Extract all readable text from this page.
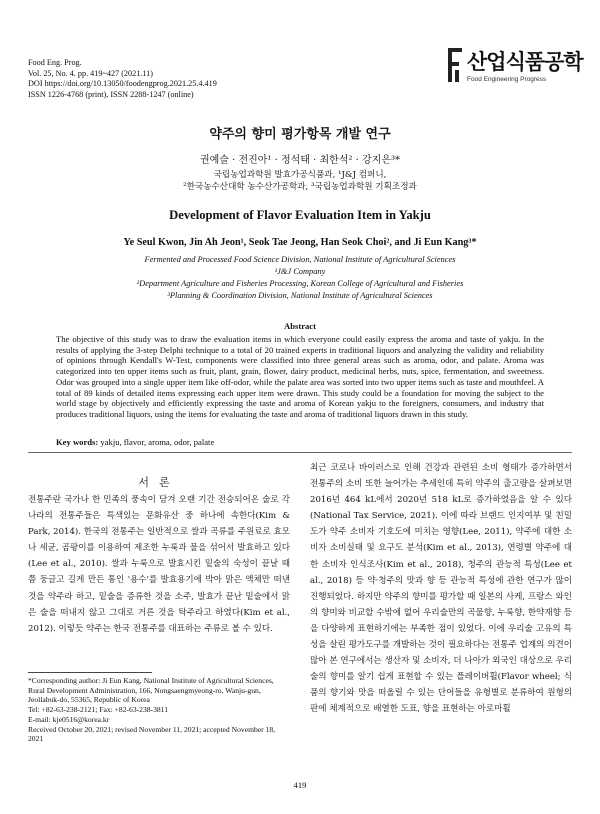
Food Eng. Prog.
Vol. 25, No. 4. pp. 419~427 (2021.11)
DOI https://doi.org/10.13050/foodengprog.2021.25.4.419
ISSN 1226-4768 (print), ISSN 2288-1247 (online)
산업식품공학
Food Engineering Progress
약주의 향미 평가항목 개발 연구
권예슬 · 전진아¹ · 정석태 · 최한석² · 강지은³*
국립농업과학원 발효가공식품과, ¹J&J 컴퍼니,
²한국농수산대학 농수산가공학과, ³국립농업과학원 기획조정과
Development of Flavor Evaluation Item in Yakju
Ye Seul Kwon, Jin Ah Jeon¹, Seok Tae Jeong, Han Seok Choi², and Ji Eun Kang³*
Fermented and Processed Food Science Division, National Institute of Agricultural Sciences
¹J&J Company
²Department Agriculture and Fisheries Processing, Korean College of Agricultural and Fisheries
³Planning & Coordination Division, National Institute of Agricultural Sciences
Abstract
The objective of this study was to draw the evaluation items in which everyone could easily express the aroma and taste of yakju. In the results of applying the 3-step Delphi technique to a total of 20 trained experts in traditional liquors and analyzing the validity and reliability of opinions through Kendall's W-Test, components were classified into three general areas such as aroma, odor, and palate. Aroma was categorized into ten upper items such as fruit, plant, grain, flower, dairy product, medicinal herbs, nuts, spice, fermentation, and sweetness. Odor was grouped into a single upper item like off-odor, while the palate area was sorted into two upper items such as taste and mouthfeel. A total of 89 kinds of detailed items expressing each upper item were drawn. This study could be a foundation for moving the subject to the world stage by objectively and efficiently expressing the taste and aroma of Korean yakju to the foreigners, consumers, and industry that produces traditional liquors, using the items for evaluating the taste and aroma of traditional liquors drawn in this study.
Key words: yakju, flavor, aroma, odor, palate
서론
전통주란 국가나 한 민족의 풍속이 담겨 오랜 기간 전승되어온 술로 각 나라의 전통주들은 특색있는 문화유산 중 하나에 속한다(Kim & Park, 2014). 한국의 전통주는 일반적으로 쌀과 곡류를 주원료로 효모나 세균, 곰팡이를 이용하여 제조한 누룩과 물을 섞어서 발효하고 있다(Lee et al., 2010). 쌀과 누룩으로 발효시킨 밑술의 숙성이 끝날 때 쯤 둥글고 길게 만든 통인 '용수'를 발효용기에 박아 맑은 액체만 떠낸 것을 약주라 하고, 밑술을 증류한 것을 소주, 발효가 끝난 밑술에서 맑은 술을 떠내지 않고 그대로 거른 것을 탁주라고 하였다(Kim et al., 2012). 이렇듯 약주는 한국 전통주를 대표하는 주류로 볼 수 있다.
최근 코로나 바이러스로 인해 건강과 관련된 소비 형태가 증가하면서 전통주의 소비 또한 늘어가는 추세인데 특히 약주의 출고량을 살펴보면 2016년 464 kL에서 2020년 518 kL로 증가하였음을 알 수 있다(National Tax Service, 2021). 이에 따라 브랜드 인지여부 및 친밀도가 약주 소비자 기호도에 미치는 영향(Lee, 2011), 약주에 대한 소비자 소비실태 및 요구도 분석(Kim et al., 2013), 연령별 약주에 대한 소비자 인식조사(Kim et al., 2018), 청주의 관능적 특성(Lee et al., 2018) 등 약·청주의 맛과 향 등 관능적 특성에 관한 연구가 많이 진행되었다. 하지만 약주의 향미를 평가할 때 일본의 사케, 프랑스 와인의 향미와 비교할 수밖에 없어 우리술만의 곡물향, 누룩향, 한약재향 등을 다양하게 표현하기에는 부족한 점이 있었다. 이에 우리술 고유의 특성을 살린 평가도구를 개발하는 것이 필요하다는 전통주 업계의 의견이 많아 본 연구에서는 생산자 및 소비자, 더 나아가 외국인 대상으로 우리술의 향미를 알기 쉽게 표현할 수 있는 플레이버휠(Flavor wheel; 식품의 향기와 맛을 떠올릴 수 있는 단어들을 유형별로 분류하여 원형의 판에 체계적으로 배열한 도표, 향을 표현하는 아로마휠
*Corresponding author: Ji Eun Kang, National Institute of Agricultural Sciences, Rural Development Administration, 166, Nongsaengmyeong-ro, Wanju-gun, Jeollabuk-do, 55365, Republic of Korea
Tel: +82-63-238-2121; Fax: +82-63-238-3811
E-mail: kje0516@korea.kr
Received October 20, 2021; revised November 11, 2021; accepted November 18, 2021
419
